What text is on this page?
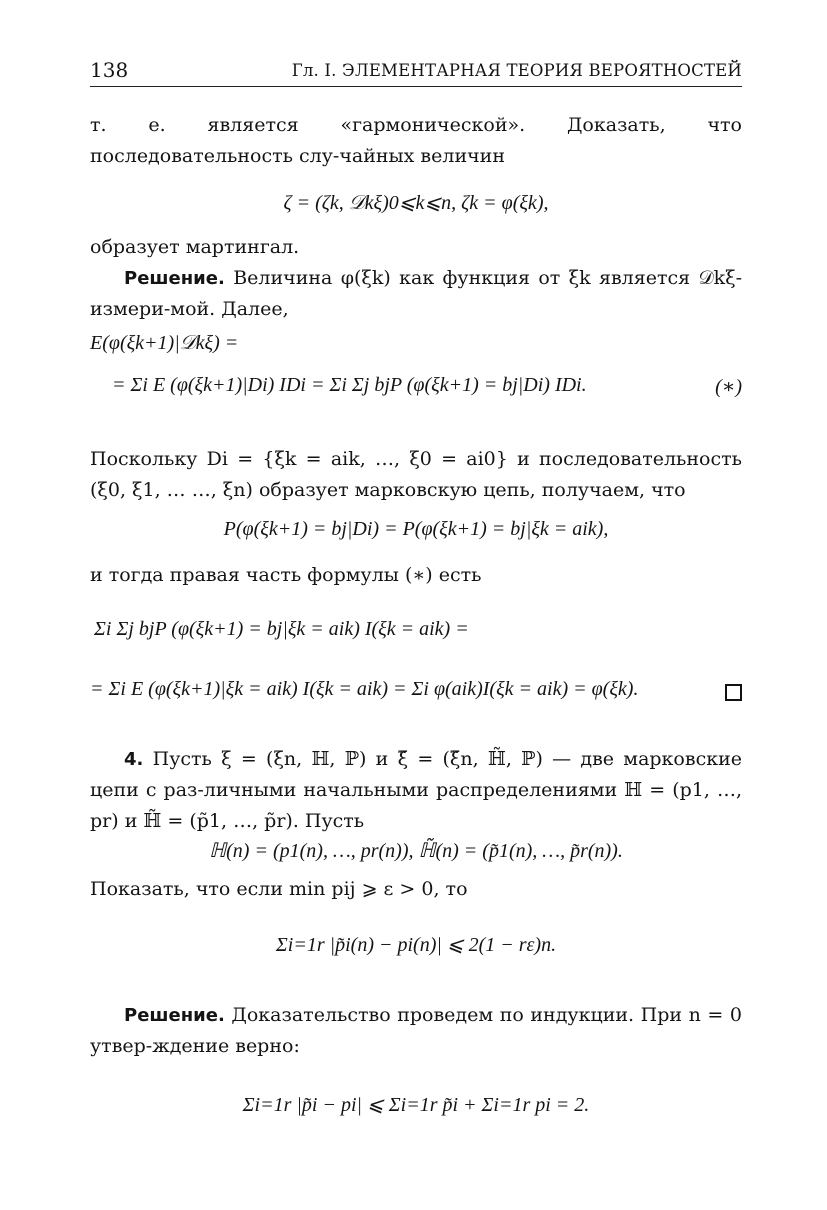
138	Гл. I. ЭЛЕМЕНТАРНАЯ ТЕОРИЯ ВЕРОЯТНОСТЕЙ

т. е. является «гармонической». Доказать, что последовательность слу-чайных величин

ζ = (ζk, 𝒟kξ)0⩽k⩽n, ζk = φ(ξk),

образует мартингал.

Решение. Величина φ(ξk) как функция от ξk является 𝒟kξ-измери-мой. Далее,

E(φ(ξk+1)|𝒟kξ) =
= Σi E (φ(ξk+1)|Di) IDi = Σi Σj bjP (φ(ξk+1) = bj|Di) IDi.	(∗)

Поскольку Di = {ξk = aik, …, ξ0 = ai0} и последовательность (ξ0, ξ1, … …, ξn) образует марковскую цепь, получаем, что

P(φ(ξk+1) = bj|Di) = P(φ(ξk+1) = bj|ξk = aik),

и тогда правая часть формулы (∗) есть

Σi Σj bjP (φ(ξk+1) = bj|ξk = aik) I(ξk = aik) =
= Σi E (φ(ξk+1)|ξk = aik) I(ξk = aik) = Σi φ(aik)I(ξk = aik) = φ(ξk).

4. Пусть ξ = (ξn, ℍ, ℙ) и ξ̃ = (ξ̃n, ℍ̃, ℙ) — две марковские цепи с раз-личными начальными распределениями ℍ = (p1, …, pr) и ℍ̃ = (p̃1, …, p̃r). Пусть

ℍ(n) = (p1(n), …, pr(n)), ℍ̃(n) = (p̃1(n), …, p̃r(n)).

Показать, что если min pij ⩾ ε > 0, то

Σi=1r |p̃i(n) − pi(n)| ⩽ 2(1 − rε)n.

Решение. Доказательство проведем по индукции. При n = 0 утвер-ждение верно:

Σi=1r |p̃i − pi| ⩽ Σi=1r p̃i + Σi=1r pi = 2.
